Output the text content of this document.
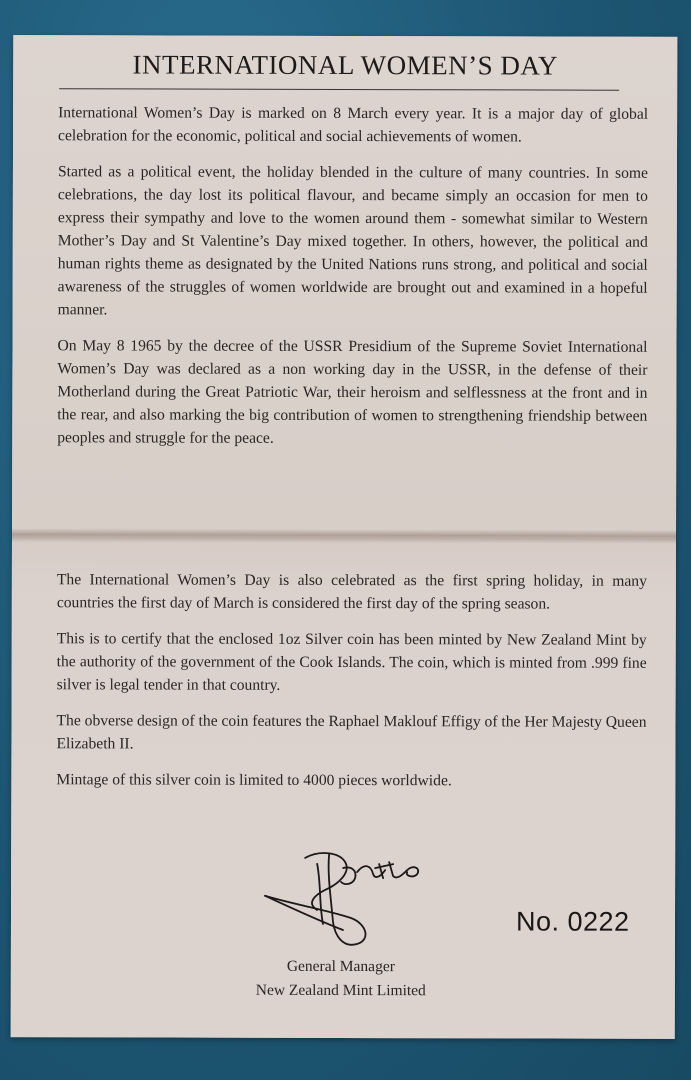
INTERNATIONAL WOMEN’S DAY

International Women’s Day is marked on 8 March every year. It is a major day of global celebration for the economic, political and social achievements of women.

Started as a political event, the holiday blended in the culture of many countries. In some celebrations, the day lost its political flavour, and became simply an occasion for men to express their sympathy and love to the women around them - somewhat similar to Western Mother’s Day and St Valentine’s Day mixed together. In others, however, the political and human rights theme as designated by the United Nations runs strong, and political and social awareness of the struggles of women worldwide are brought out and examined in a hopeful manner.

On May 8 1965 by the decree of the USSR Presidium of the Supreme Soviet International Women’s Day was declared as a non working day in the USSR, in the defense of their Motherland during the Great Patriotic War, their heroism and selflessness at the front and in the rear, and also marking the big contribution of women to strengthening friendship between peoples and struggle for the peace.

The International Women’s Day is also celebrated as the first spring holiday, in many countries the first day of March is considered the first day of the spring season.

This is to certify that the enclosed 1oz Silver coin has been minted by New Zealand Mint by the authority of the government of the Cook Islands. The coin, which is minted from .999 fine silver is legal tender in that country.

The obverse design of the coin features the Raphael Maklouf Effigy of the Her Majesty Queen Elizabeth II.

Mintage of this silver coin is limited to 4000 pieces worldwide.

No. 0222
General Manager
New Zealand Mint Limited
